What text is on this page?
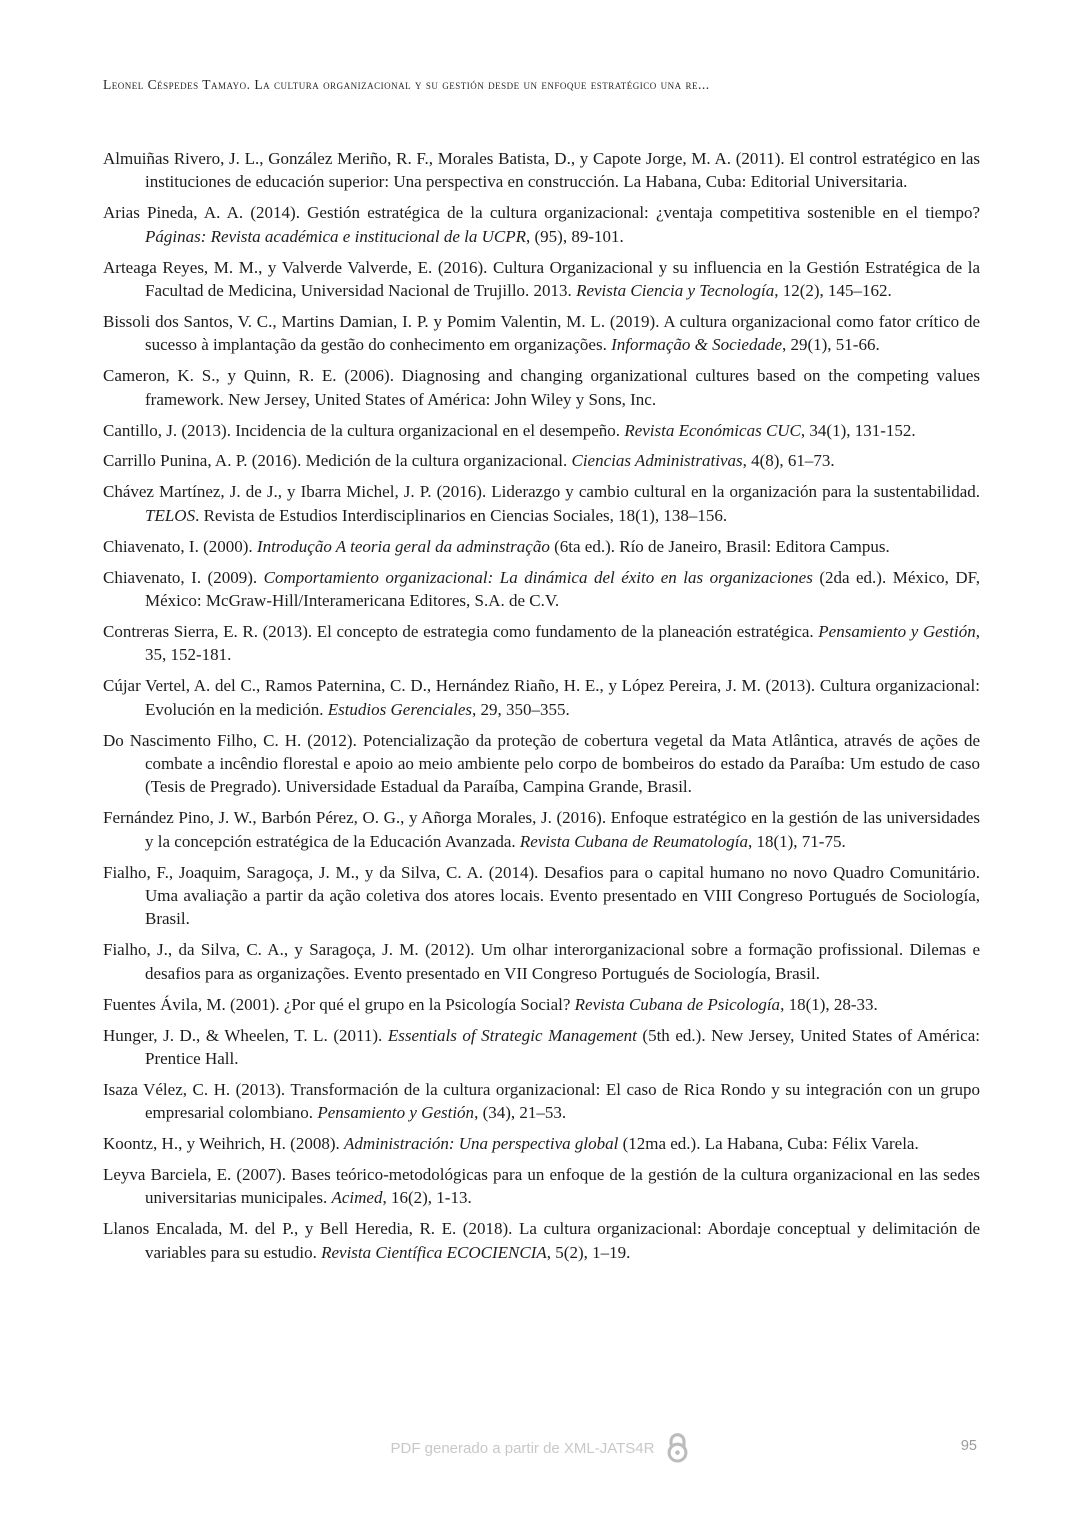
Leonel Céspedes Tamayo. La cultura organizacional y su gestión desde un enfoque estratégico una re...

Almuiñas Rivero, J. L., González Meriño, R. F., Morales Batista, D., y Capote Jorge, M. A. (2011). El control estratégico en las instituciones de educación superior: Una perspectiva en construcción. La Habana, Cuba: Editorial Universitaria.

Arias Pineda, A. A. (2014). Gestión estratégica de la cultura organizacional: ¿ventaja competitiva sostenible en el tiempo? Páginas: Revista académica e institucional de la UCPR, (95), 89-101.

Arteaga Reyes, M. M., y Valverde Valverde, E. (2016). Cultura Organizacional y su influencia en la Gestión Estratégica de la Facultad de Medicina, Universidad Nacional de Trujillo. 2013. Revista Ciencia y Tecnología, 12(2), 145–162.

Bissoli dos Santos, V. C., Martins Damian, I. P. y Pomim Valentin, M. L. (2019). A cultura organizacional como fator crítico de sucesso à implantação da gestão do conhecimento em organizações. Informação & Sociedade, 29(1), 51-66.

Cameron, K. S., y Quinn, R. E. (2006). Diagnosing and changing organizational cultures based on the competing values framework. New Jersey, United States of América: John Wiley y Sons, Inc.

Cantillo, J. (2013). Incidencia de la cultura organizacional en el desempeño. Revista Económicas CUC, 34(1), 131-152.

Carrillo Punina, A. P. (2016). Medición de la cultura organizacional. Ciencias Administrativas, 4(8), 61–73.

Chávez Martínez, J. de J., y Ibarra Michel, J. P. (2016). Liderazgo y cambio cultural en la organización para la sustentabilidad. TELOS. Revista de Estudios Interdisciplinarios en Ciencias Sociales, 18(1), 138–156.

Chiavenato, I. (2000). Introdução A teoria geral da adminstração (6ta ed.). Río de Janeiro, Brasil: Editora Campus.

Chiavenato, I. (2009). Comportamiento organizacional: La dinámica del éxito en las organizaciones (2da ed.). México, DF, México: McGraw-Hill/Interamericana Editores, S.A. de C.V.

Contreras Sierra, E. R. (2013). El concepto de estrategia como fundamento de la planeación estratégica. Pensamiento y Gestión, 35, 152-181.

Cújar Vertel, A. del C., Ramos Paternina, C. D., Hernández Riaño, H. E., y López Pereira, J. M. (2013). Cultura organizacional: Evolución en la medición. Estudios Gerenciales, 29, 350–355.

Do Nascimento Filho, C. H. (2012). Potencialização da proteção de cobertura vegetal da Mata Atlântica, através de ações de combate a incêndio florestal e apoio ao meio ambiente pelo corpo de bombeiros do estado da Paraíba: Um estudo de caso (Tesis de Pregrado). Universidade Estadual da Paraíba, Campina Grande, Brasil.

Fernández Pino, J. W., Barbón Pérez, O. G., y Añorga Morales, J. (2016). Enfoque estratégico en la gestión de las universidades y la concepción estratégica de la Educación Avanzada. Revista Cubana de Reumatología, 18(1), 71-75.

Fialho, F., Joaquim, Saragoça, J. M., y da Silva, C. A. (2014). Desafios para o capital humano no novo Quadro Comunitário. Uma avaliação a partir da ação coletiva dos atores locais. Evento presentado en VIII Congreso Portugués de Sociología, Brasil.

Fialho, J., da Silva, C. A., y Saragoça, J. M. (2012). Um olhar interorganizacional sobre a formação profissional. Dilemas e desafios para as organizações. Evento presentado en VII Congreso Portugués de Sociología, Brasil.

Fuentes Ávila, M. (2001). ¿Por qué el grupo en la Psicología Social? Revista Cubana de Psicología, 18(1), 28-33.

Hunger, J. D., & Wheelen, T. L. (2011). Essentials of Strategic Management (5th ed.). New Jersey, United States of América: Prentice Hall.

Isaza Vélez, C. H. (2013). Transformación de la cultura organizacional: El caso de Rica Rondo y su integración con un grupo empresarial colombiano. Pensamiento y Gestión, (34), 21–53.

Koontz, H., y Weihrich, H. (2008). Administración: Una perspectiva global (12ma ed.). La Habana, Cuba: Félix Varela.

Leyva Barciela, E. (2007). Bases teórico-metodológicas para un enfoque de la gestión de la cultura organizacional en las sedes universitarias municipales. Acimed, 16(2), 1-13.

Llanos Encalada, M. del P., y Bell Heredia, R. E. (2018). La cultura organizacional: Abordaje conceptual y delimitación de variables para su estudio. Revista Científica ECOCIENCIA, 5(2), 1–19.

PDF generado a partir de XML-JATS4R	95
